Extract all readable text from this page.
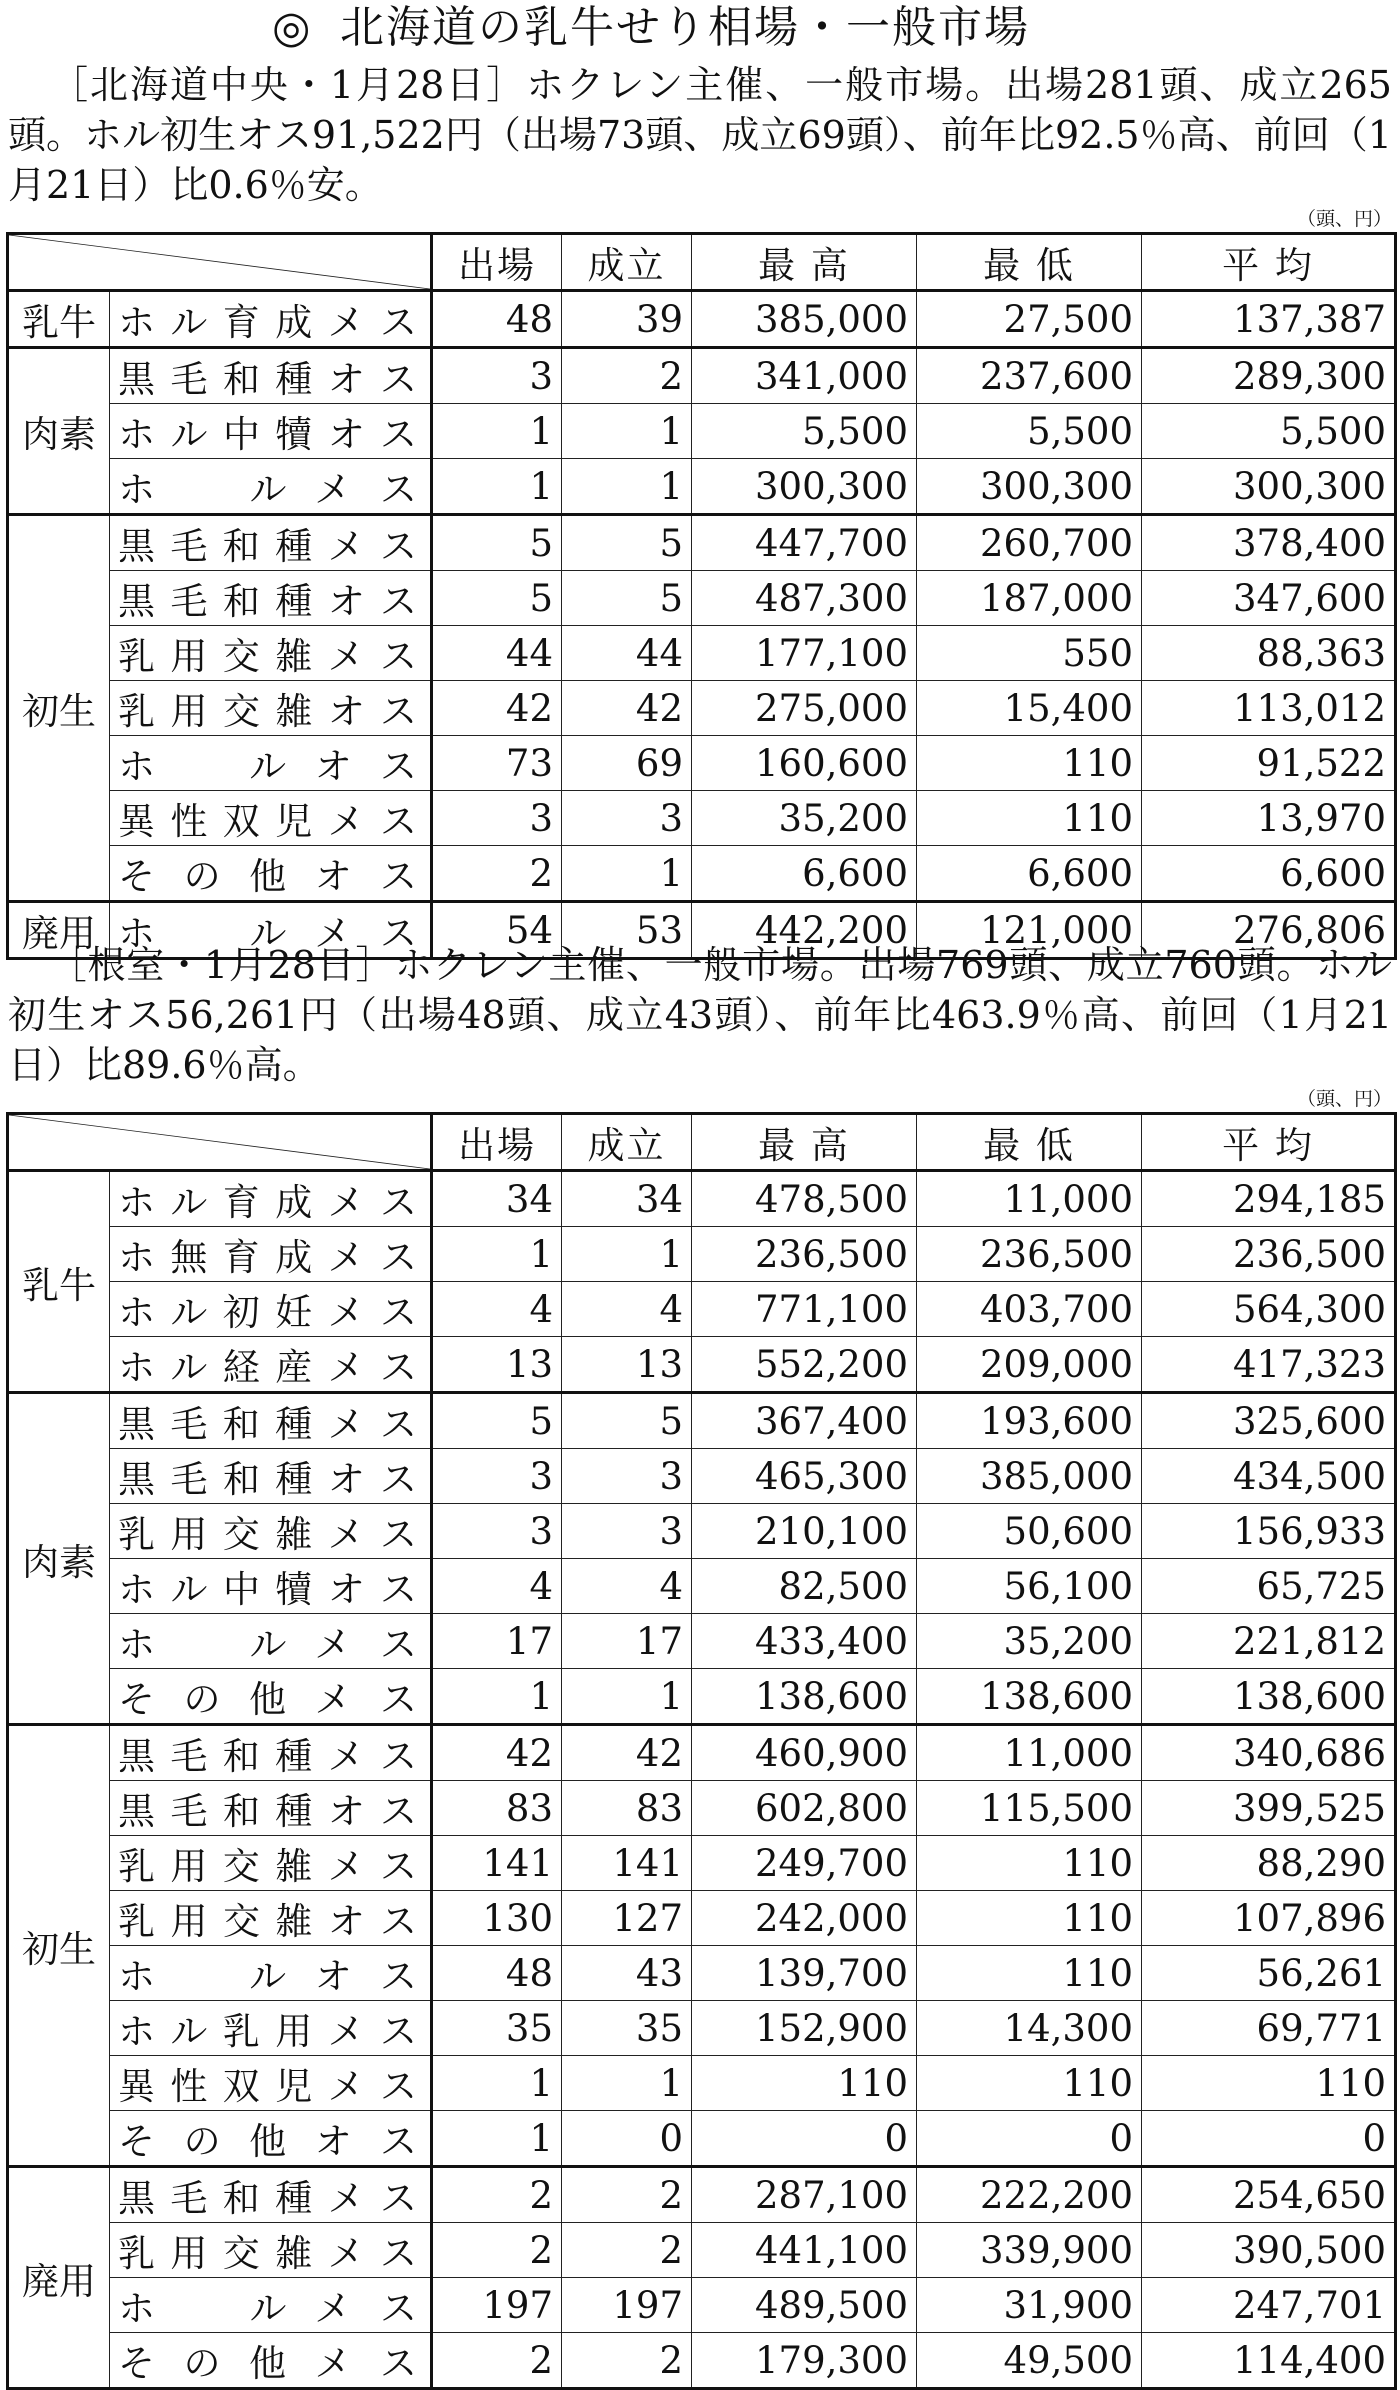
◎ 北海道の乳牛せり相場・一般市場
［北海道中央・1月28日］ホクレン主催、一般市場。出場281頭、成立265頭。ホル初生オス91,522円（出場73頭、成立69頭）、前年比92.5％高、前回（1月21日）比0.6％安。
（頭、円）
	出場	成立	最 高	最 低	平 均
乳牛	ホル育成メス	48	39	385,000	27,500	137,387
肉素	黒毛和種オス	3	2	341,000	237,600	289,300
	ホル中犢オス	1	1	5,500	5,500	5,500
	ホ　ルメス	1	1	300,300	300,300	300,300
初生	黒毛和種メス	5	5	447,700	260,700	378,400
	黒毛和種オス	5	5	487,300	187,000	347,600
	乳用交雑メス	44	44	177,100	550	88,363
	乳用交雑オス	42	42	275,000	15,400	113,012
	ホ　ルオス	73	69	160,600	110	91,522
	異性双児メス	3	3	35,200	110	13,970
	その他オス	2	1	6,600	6,600	6,600
廃用	ホ　ルメス	54	53	442,200	121,000	276,806
［根室・1月28日］ホクレン主催、一般市場。出場769頭、成立760頭。ホル初生オス56,261円（出場48頭、成立43頭）、前年比463.9％高、前回（1月21日）比89.6％高。
（頭、円）
	出場	成立	最 高	最 低	平 均
乳牛	ホル育成メス	34	34	478,500	11,000	294,185
	ホ無育成メス	1	1	236,500	236,500	236,500
	ホル初妊メス	4	4	771,100	403,700	564,300
	ホル経産メス	13	13	552,200	209,000	417,323
肉素	黒毛和種メス	5	5	367,400	193,600	325,600
	黒毛和種オス	3	3	465,300	385,000	434,500
	乳用交雑メス	3	3	210,100	50,600	156,933
	ホル中犢オス	4	4	82,500	56,100	65,725
	ホ　ルメス	17	17	433,400	35,200	221,812
	その他メス	1	1	138,600	138,600	138,600
初生	黒毛和種メス	42	42	460,900	11,000	340,686
	黒毛和種オス	83	83	602,800	115,500	399,525
	乳用交雑メス	141	141	249,700	110	88,290
	乳用交雑オス	130	127	242,000	110	107,896
	ホ　ルオス	48	43	139,700	110	56,261
	ホル乳用メス	35	35	152,900	14,300	69,771
	異性双児メス	1	1	110	110	110
	その他オス	1	0	0	0	0
廃用	黒毛和種メス	2	2	287,100	222,200	254,650
	乳用交雑メス	2	2	441,100	339,900	390,500
	ホ　ルメス	197	197	489,500	31,900	247,701
	その他メス	2	2	179,300	49,500	114,400
